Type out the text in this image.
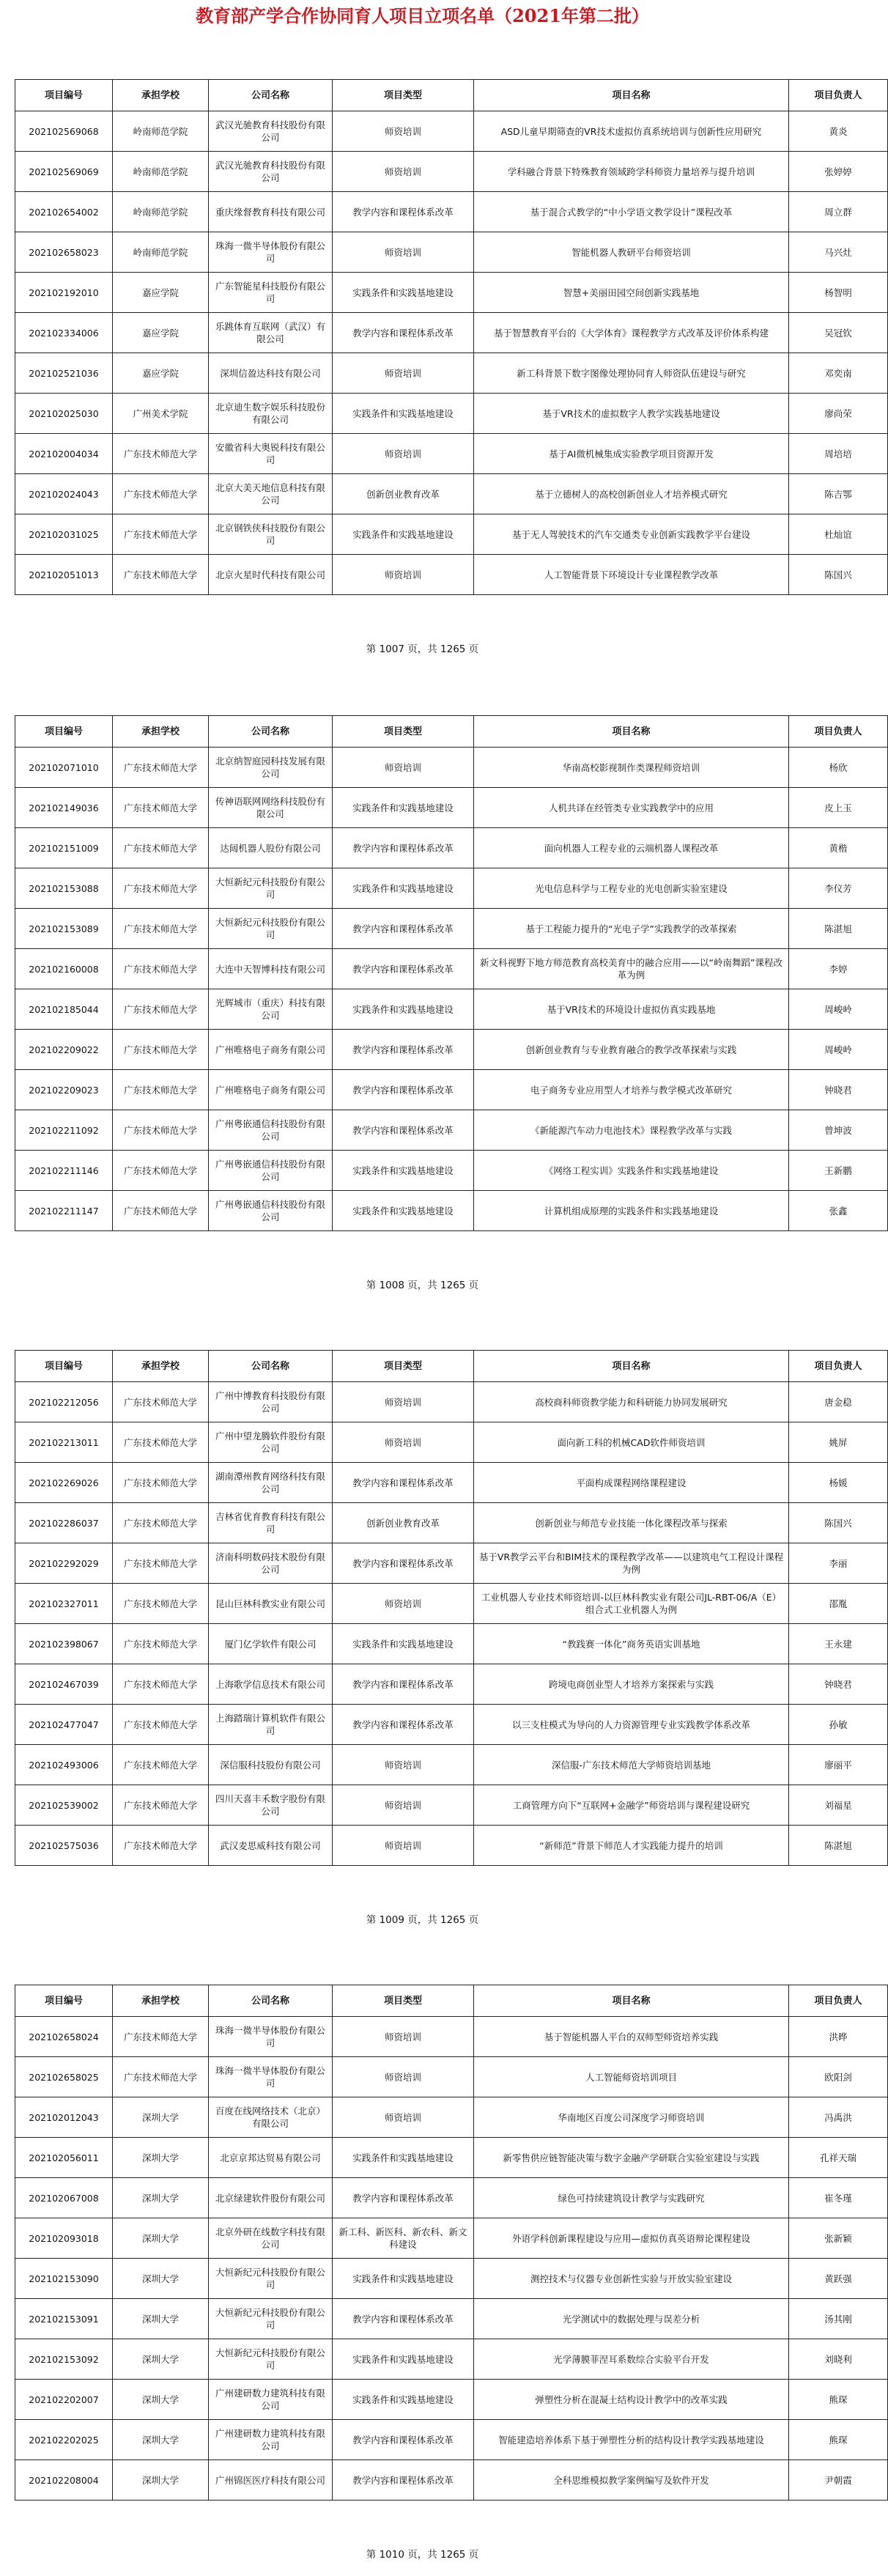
教育部产学合作协同育人项目立项名单（2021年第二批）
项目编号	承担学校	公司名称	项目类型	项目名称	项目负责人
202102569068	岭南师范学院	武汉光驰教育科技股份有限公司	师资培训	ASD儿童早期筛查的VR技术虚拟仿真系统培训与创新性应用研究	黄炎
202102569069	岭南师范学院	武汉光驰教育科技股份有限公司	师资培训	学科融合背景下特殊教育领域跨学科师资力量培养与提升培训	张婷婷
202102654002	岭南师范学院	重庆缘督教育科技有限公司	教学内容和课程体系改革	基于混合式教学的“中小学语文教学设计”课程改革	周立群
202102658023	岭南师范学院	珠海一微半导体股份有限公司	师资培训	智能机器人教研平台师资培训	马兴灶
202102192010	嘉应学院	广东智能星科技股份有限公司	实践条件和实践基地建设	智慧+美丽田园空间创新实践基地	杨智明
202102334006	嘉应学院	乐跳体育互联网（武汉）有限公司	教学内容和课程体系改革	基于智慧教育平台的《大学体育》课程教学方式改革及评价体系构建	吴冠钦
202102521036	嘉应学院	深圳信盈达科技有限公司	师资培训	新工科背景下数字图像处理协同育人师资队伍建设与研究	邓奕南
202102025030	广州美术学院	北京迪生数字娱乐科技股份有限公司	实践条件和实践基地建设	基于VR技术的虚拟数字人教学实践基地建设	廖尚荣
202102004034	广东技术师范大学	安徽省科大奥锐科技有限公司	师资培训	基于AI微机械集成实验教学项目资源开发	周培培
202102024043	广东技术师范大学	北京大美天地信息科技有限公司	创新创业教育改革	基于立德树人的高校创新创业人才培养模式研究	陈吉鄂
202102031025	广东技术师范大学	北京钢铁侠科技股份有限公司	实践条件和实践基地建设	基于无人驾驶技术的汽车交通类专业创新实践教学平台建设	杜灿谊
202102051013	广东技术师范大学	北京火星时代科技有限公司	师资培训	人工智能背景下环境设计专业课程教学改革	陈国兴
第 1007 页，共 1265 页
项目编号	承担学校	公司名称	项目类型	项目名称	项目负责人
202102071010	广东技术师范大学	北京纳智庭园科技发展有限公司	师资培训	华南高校影视制作类课程师资培训	杨欣
202102149036	广东技术师范大学	传神语联网网络科技股份有限公司	实践条件和实践基地建设	人机共译在经管类专业实践教学中的应用	皮上玉
202102151009	广东技术师范大学	达闼机器人股份有限公司	教学内容和课程体系改革	面向机器人工程专业的云端机器人课程改革	黄楷
202102153088	广东技术师范大学	大恒新纪元科技股份有限公司	实践条件和实践基地建设	光电信息科学与工程专业的光电创新实验室建设	李仪芳
202102153089	广东技术师范大学	大恒新纪元科技股份有限公司	教学内容和课程体系改革	基于工程能力提升的“光电子学”实践教学的改革探索	陈湛旭
202102160008	广东技术师范大学	大连中天智博科技有限公司	教学内容和课程体系改革	新文科视野下地方师范教育高校美育中的融合应用——以“岭南舞蹈”课程改革为例	李婷
202102185044	广东技术师范大学	光辉城市（重庆）科技有限公司	实践条件和实践基地建设	基于VR技术的环境设计虚拟仿真实践基地	周峻岭
202102209022	广东技术师范大学	广州唯格电子商务有限公司	教学内容和课程体系改革	创新创业教育与专业教育融合的教学改革探索与实践	周峻岭
202102209023	广东技术师范大学	广州唯格电子商务有限公司	教学内容和课程体系改革	电子商务专业应用型人才培养与教学模式改革研究	钟晓君
202102211092	广东技术师范大学	广州粤嵌通信科技股份有限公司	教学内容和课程体系改革	《新能源汽车动力电池技术》课程教学改革与实践	曾坤波
202102211146	广东技术师范大学	广州粤嵌通信科技股份有限公司	实践条件和实践基地建设	《网络工程实训》实践条件和实践基地建设	王新鹏
202102211147	广东技术师范大学	广州粤嵌通信科技股份有限公司	实践条件和实践基地建设	计算机组成原理的实践条件和实践基地建设	张鑫
第 1008 页，共 1265 页
项目编号	承担学校	公司名称	项目类型	项目名称	项目负责人
202102212056	广东技术师范大学	广州中博教育科技股份有限公司	师资培训	高校商科师资教学能力和科研能力协同发展研究	唐金稳
202102213011	广东技术师范大学	广州中望龙腾软件股份有限公司	师资培训	面向新工科的机械CAD软件师资培训	姚屏
202102269026	广东技术师范大学	湖南潭州教育网络科技有限公司	教学内容和课程体系改革	平面构成课程网络课程建设	杨媛
202102286037	广东技术师范大学	吉林省优育教育科技有限公司	创新创业教育改革	创新创业与师范专业技能一体化课程改革与探索	陈国兴
202102292029	广东技术师范大学	济南科明数码技术股份有限公司	教学内容和课程体系改革	基于VR教学云平台和BIM技术的课程教学改革——以建筑电气工程设计课程为例	李丽
202102327011	广东技术师范大学	昆山巨林科教实业有限公司	师资培训	工业机器人专业技术师资培训-以巨林科教实业有限公司JL-RBT-06/A（E）组合式工业机器人为例	邵胤
202102398067	广东技术师范大学	厦门亿学软件有限公司	实践条件和实践基地建设	“教践赛一体化”商务英语实训基地	王永建
202102467039	广东技术师范大学	上海歌学信息技术有限公司	教学内容和课程体系改革	跨境电商创业型人才培养方案探索与实践	钟晓君
202102477047	广东技术师范大学	上海踏瑞计算机软件有限公司	教学内容和课程体系改革	以三支柱模式为导向的人力资源管理专业实践教学体系改革	孙敏
202102493006	广东技术师范大学	深信服科技股份有限公司	师资培训	深信服-广东技术师范大学师资培训基地	廖丽平
202102539002	广东技术师范大学	四川天喜丰禾数字股份有限公司	师资培训	工商管理方向下“互联网+金融学”师资培训与课程建设研究	刘福星
202102575036	广东技术师范大学	武汉麦思威科技有限公司	师资培训	“新师范”背景下师范人才实践能力提升的培训	陈湛旭
第 1009 页，共 1265 页
项目编号	承担学校	公司名称	项目类型	项目名称	项目负责人
202102658024	广东技术师范大学	珠海一微半导体股份有限公司	师资培训	基于智能机器人平台的双师型师资培养实践	洪晔
202102658025	广东技术师范大学	珠海一微半导体股份有限公司	师资培训	人工智能师资培训项目	欧阳剑
202102012043	深圳大学	百度在线网络技术（北京）有限公司	师资培训	华南地区百度公司深度学习师资培训	冯禹洪
202102056011	深圳大学	北京京邦达贸易有限公司	实践条件和实践基地建设	新零售供应链智能决策与数字金融产学研联合实验室建设与实践	孔祥天瑞
202102067008	深圳大学	北京绿建软件股份有限公司	教学内容和课程体系改革	绿色可持续建筑设计教学与实践研究	崔冬瑾
202102093018	深圳大学	北京外研在线数字科技有限公司	新工科、新医科、新农科、新文科建设	外语学科创新课程建设与应用—虚拟仿真英语辩论课程建设	张新颖
202102153090	深圳大学	大恒新纪元科技股份有限公司	实践条件和实践基地建设	测控技术与仪器专业创新性实验与开放实验室建设	黄跃强
202102153091	深圳大学	大恒新纪元科技股份有限公司	教学内容和课程体系改革	光学测试中的数据处理与误差分析	汤其刚
202102153092	深圳大学	大恒新纪元科技股份有限公司	实践条件和实践基地建设	光学薄膜菲涅耳系数综合实验平台开发	刘晓利
202102202007	深圳大学	广州建研数力建筑科技有限公司	实践条件和实践基地建设	弹塑性分析在混凝土结构设计教学中的改革实践	熊琛
202102202025	深圳大学	广州建研数力建筑科技有限公司	教学内容和课程体系改革	智能建造培养体系下基于弹塑性分析的结构设计教学实践基地建设	熊琛
202102208004	深圳大学	广州锦医医疗科技有限公司	教学内容和课程体系改革	全科思维模拟教学案例编写及软件开发	尹朝霞
第 1010 页，共 1265 页
